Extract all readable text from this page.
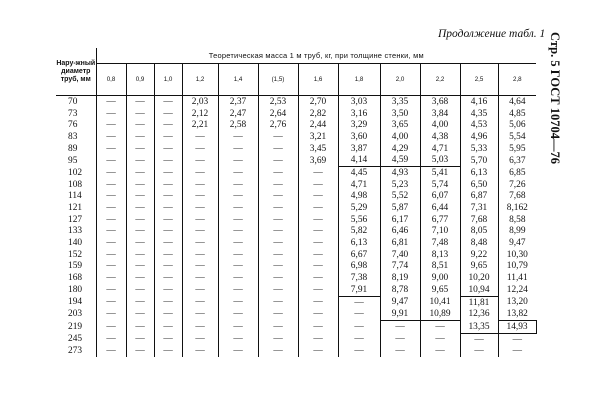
Продолжение табл. 1 Стр. 5 ГОСТ 10704—76
Нару-жный диаметр труб, мм	Теоретическая масса 1 м труб, кг, при толщине стенки, мм											
	0,8	0,9	1,0	1,2	1,4	(1,5)	1,6	1,8	2,0	2,2	2,5	2,8
70	—	—	—	2,03	2,37	2,53	2,70	3,03	3,35	3,68	4,16	4,64
73	—	—	—	2,12	2,47	2,64	2,82	3,16	3,50	3,84	4,35	4,85
76	—	—	—	2,21	2,58	2,76	2,44	3,29	3,65	4,00	4,53	5,06
83	—	—	—	—	—	—	3,21	3,60	4,00	4,38	4,96	5,54
89	—	—	—	—	—	—	3,45	3,87	4,29	4,71	5,33	5,95
95	—	—	—	—	—	—	3,69	4,14	4,59	5,03	5,70	6,37
102	—	—	—	—	—	—	—	4,45	4,93	5,41	6,13	6,85
108	—	—	—	—	—	—	—	4,71	5,23	5,74	6,50	7,26
114	—	—	—	—	—	—	—	4,98	5,52	6,07	6,87	7,68
121	—	—	—	—	—	—	—	5,29	5,87	6,44	7,31	8,162
127	—	—	—	—	—	—	—	5,56	6,17	6,77	7,68	8,58
133	—	—	—	—	—	—	—	5,82	6,46	7,10	8,05	8,99
140	—	—	—	—	—	—	—	6,13	6,81	7,48	8,48	9,47
152	—	—	—	—	—	—	—	6,67	7,40	8,13	9,22	10,30
159	—	—	—	—	—	—	—	6,98	7,74	8,51	9,65	10,79
168	—	—	—	—	—	—	—	7,38	8,19	9,00	10,20	11,41
180	—	—	—	—	—	—	—	7,91	8,78	9,65	10,94	12,24
194	—	—	—	—	—	—	—	—	9,47	10,41	11,81	13,20
203	—	—	—	—	—	—	—	—	9,91	10,89	12,36	13,82
219	—	—	—	—	—	—	—	—	—	—	13,35	14,93
245	—	—	—	—	—	—	—	—	—	—	—	—
273	—	—	—	—	—	—	—	—	—	—	—	—
